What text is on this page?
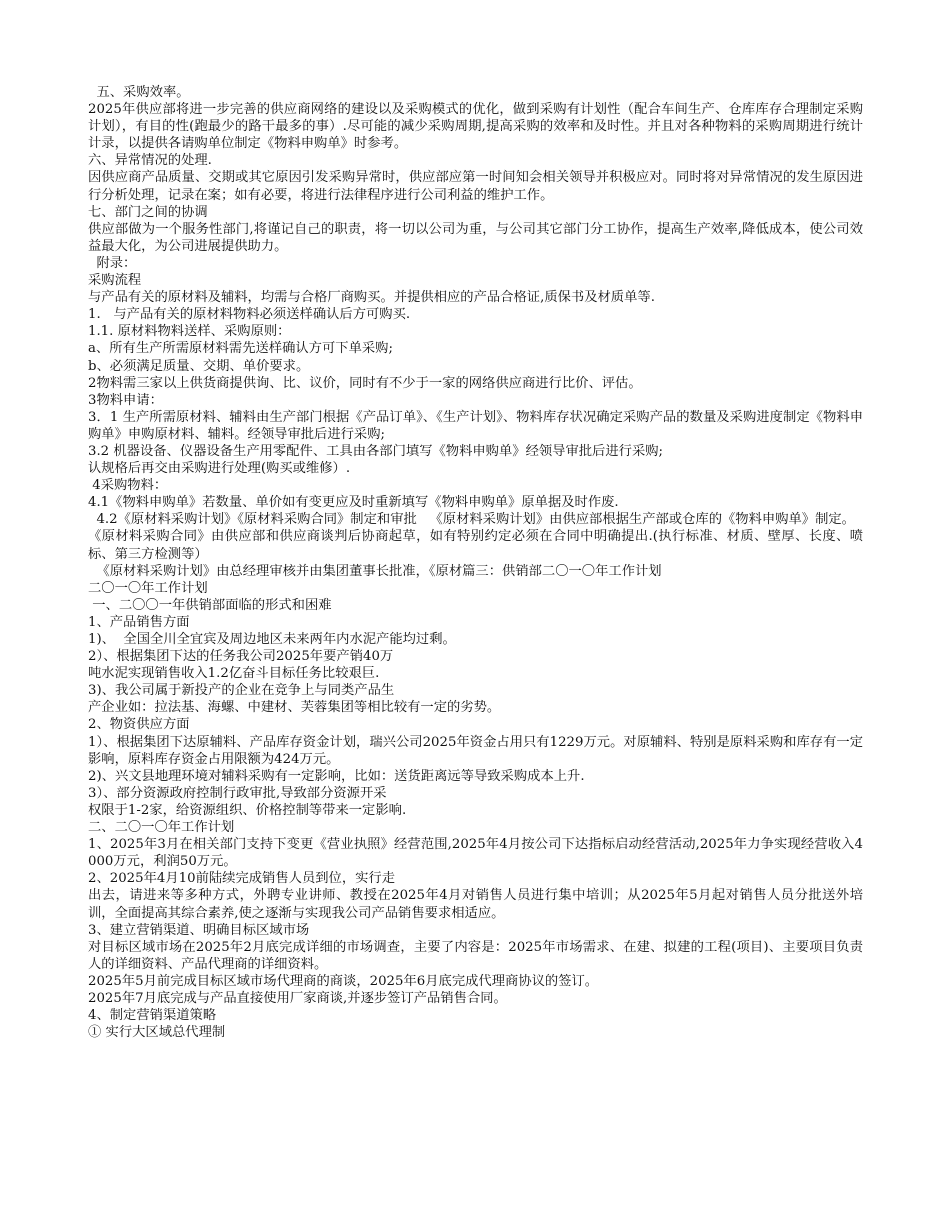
五、采购效率。

2025年供应部将进一步完善的供应商网络的建设以及采购模式的优化，做到采购有计划性（配合车间生产、仓库库存合理制定采购计划），有目的性(跑最少的路干最多的事）.尽可能的减少采购周期,提高采购的效率和及时性。并且对各种物料的采购周期进行统计计录，以提供各请购单位制定《物料申购单》时参考。

六、异常情况的处理.

因供应商产品质量、交期或其它原因引发采购异常时，供应部应第一时间知会相关领导并积极应对。同时将对异常情况的发生原因进行分析处理，记录在案；如有必要，将进行法律程序进行公司利益的维护工作。

七、部门之间的协调

供应部做为一个服务性部门,将谨记自己的职责，将一切以公司为重，与公司其它部门分工协作，提高生产效率,降低成本，使公司效益最大化，为公司进展提供助力。

附录：

采购流程

与产品有关的原材料及辅料，均需与合格厂商购买。并提供相应的产品合格证,质保书及材质单等.

1.   与产品有关的原材料物料必须送样确认后方可购买.

1.1. 原材料物料送样、采购原则：

a、所有生产所需原材料需先送样确认方可下单采购;

b、必须满足质量、交期、单价要求。

2物料需三家以上供货商提供询、比、议价，同时有不少于一家的网络供应商进行比价、评估。

3物料申请：

3．1 生产所需原材料、辅料由生产部门根据《产品订单》、《生产计划》、物料库存状况确定采购产品的数量及采购进度制定《物料申购单》申购原材料、辅料。经领导审批后进行采购;

3.2 机器设备、仪器设备生产用零配件、工具由各部门填写《物料申购单》经领导审批后进行采购;

认规格后再交由采购进行处理(购买或维修）.

4采购物料：

4.1《物料申购单》若数量、单价如有变更应及时重新填写《物料申购单》原单据及时作废.

4.2《原材料采购计划》《原材料采购合同》制定和审批   《原材料采购计划》由供应部根据生产部或仓库的《物料申购单》制定。

《原材料采购合同》由供应部和供应商谈判后协商起草，如有特别约定必须在合同中明确提出.(执行标准、材质、壁厚、长度、喷标、第三方检测等）

《原材料采购计划》由总经理审核并由集团董事长批准，《原材篇三：供销部二〇一〇年工作计划

二〇一〇年工作计划

一、二〇〇一年供销部面临的形式和困难

1、产品销售方面

1)、  全国全川全宜宾及周边地区未来两年内水泥产能均过剩。

2）、根据集团下达的任务我公司2025年要产销40万

吨水泥实现销售收入1.2亿奋斗目标任务比较艰巨.

3)、我公司属于新投产的企业在竞争上与同类产品生

产企业如：拉法基、海螺、中建材、芙蓉集团等相比较有一定的劣势。

2、物资供应方面

1）、根据集团下达原辅料、产品库存资金计划，瑞兴公司2025年资金占用只有1229万元。对原辅料、特别是原料采购和库存有一定影响，原料库存资金占用限额为424万元。

2)、兴文县地理环境对辅料采购有一定影响，比如：送货距离远等导致采购成本上升.

3）、部分资源政府控制行政审批,导致部分资源开采

权限于1-2家，给资源组织、价格控制等带来一定影响.

二、二〇一〇年工作计划

1、2025年3月在相关部门支持下变更《营业执照》经营范围,2025年4月按公司下达指标启动经营活动,2025年力争实现经营收入4000万元，利润50万元。

2、2025年4月10前陆续完成销售人员到位，实行走

出去，请进来等多种方式，外聘专业讲师、教授在2025年4月对销售人员进行集中培训；从2025年5月起对销售人员分批送外培训，全面提高其综合素养,使之逐渐与实现我公司产品销售要求相适应。

3、建立营销渠道、明确目标区域市场

对目标区域市场在2025年2月底完成详细的市场调查，主要了内容是：2025年市场需求、在建、拟建的工程(项目)、主要项目负责人的详细资料、产品代理商的详细资料。

2025年5月前完成目标区域市场代理商的商谈，2025年6月底完成代理商协议的签订。

2025年7月底完成与产品直接使用厂家商谈,并逐步签订产品销售合同。

4、制定营销渠道策略

① 实行大区域总代理制
